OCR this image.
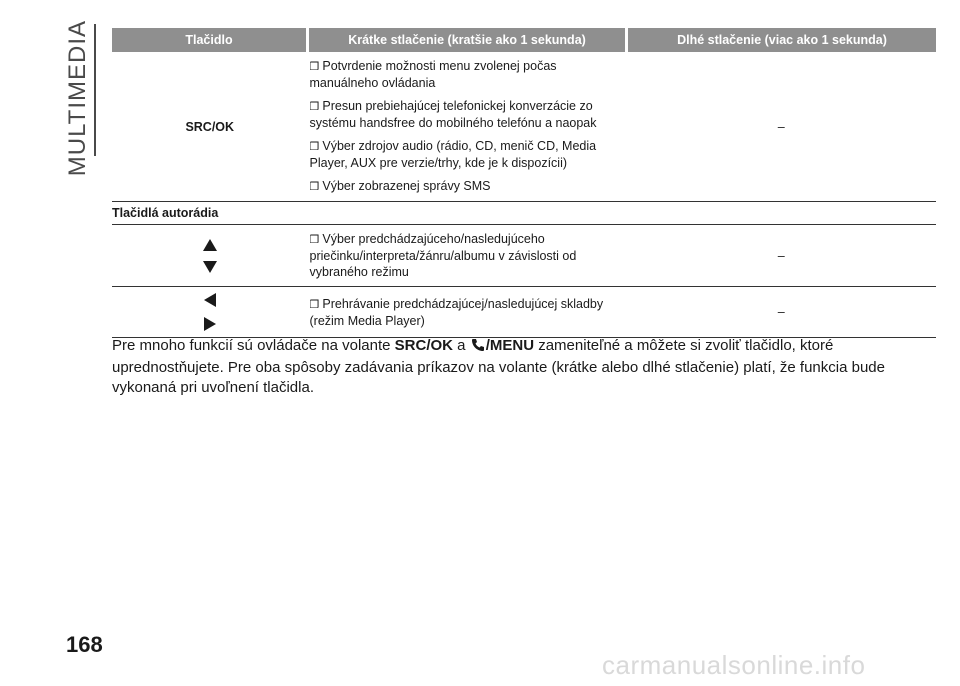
MULTIMEDIA	Tlačidlo	Krátke stlačenie (kratšie ako 1 sekunda)	Dlhé stlačenie (viac ako 1 sekunda)
SRC/OK	❒ Potvrdenie možnosti menu zvolenej počas manuálneho ovládania
❒ Presun prebiehajúcej telefonickej konverzácie zo systému handsfree do mobilného telefónu a naopak
❒ Výber zdrojov audio (rádio, CD, menič CD, Media Player, AUX pre verzie/trhy, kde je k dispozícii)
❒ Výber zobrazenej správy SMS	–
Tlačidlá autorádia		

	❒ Výber predchádzajúceho/nasledujúceho priečinku/interpreta/žánru/albumu v závislosti od vybraného režimu	–

	❒ Prehrávanie predchádzajúcej/nasledujúcej skladby (režim Media Player)	–
Pre mnoho funkcií sú ovládače na volante SRC/OK a /MENU zameniteľné a môžete si zvoliť tlačidlo, ktoré uprednostňujete. Pre oba spôsoby zadávania príkazov na volante (krátke alebo dlhé stlačenie) platí, že funkcia bude vykonaná pri uvoľnení tlačidla.
168
carmanualsonline.info
